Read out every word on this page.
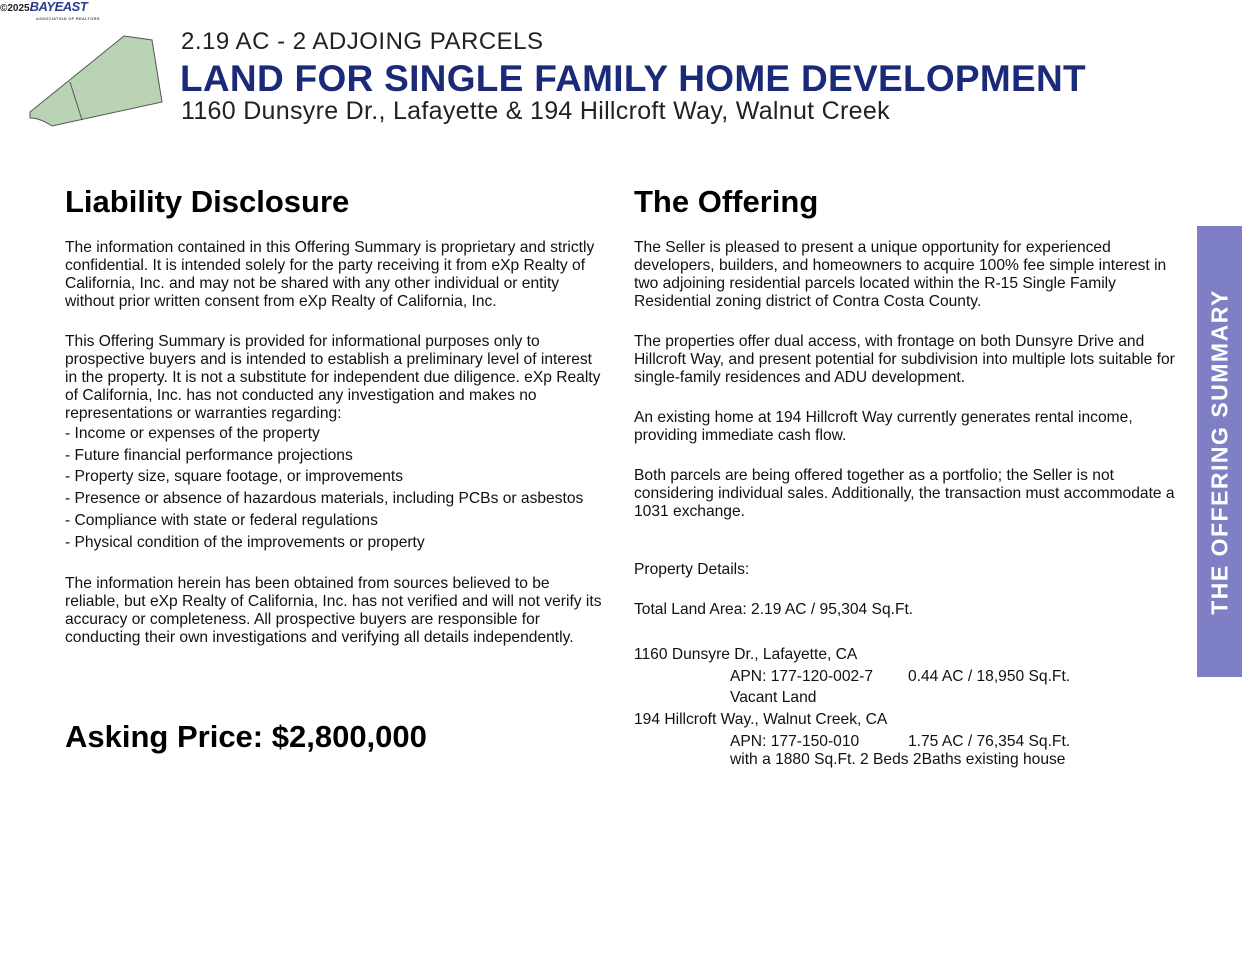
©2025BAYEAST
ASSOCIATION OF REALTORS
2.19 AC - 2 ADJOING PARCELS
LAND FOR SINGLE FAMILY HOME DEVELOPMENT
1160 Dunsyre Dr., Lafayette & 194 Hillcroft Way, Walnut Creek
Liability Disclosure

The information contained in this Offering Summary is proprietary and strictly confidential. It is intended solely for the party receiving it from eXp Realty of California, Inc. and may not be shared with any other individual or entity without prior written consent from eXp Realty of California, Inc.

This Offering Summary is provided for informational purposes only to prospective buyers and is intended to establish a preliminary level of interest in the property. It is not a substitute for independent due diligence. eXp Realty of California, Inc. has not conducted any investigation and makes no representations or warranties regarding:

- Income or expenses of the property
- Future financial performance projections
- Property size, square footage, or improvements
- Presence or absence of hazardous materials, including PCBs or asbestos
- Compliance with state or federal regulations
- Physical condition of the improvements or property

The information herein has been obtained from sources believed to be reliable, but eXp Realty of California, Inc. has not verified and will not verify its accuracy or completeness. All prospective buyers are responsible for conducting their own investigations and verifying all details independently.

Asking Price: $2,800,000
The Offering

The Seller is pleased to present a unique opportunity for experienced developers, builders, and homeowners to acquire 100% fee simple interest in two adjoining residential parcels located within the R-15 Single Family Residential zoning district of Contra Costa County.

The properties offer dual access, with frontage on both Dunsyre Drive and Hillcroft Way, and present potential for subdivision into multiple lots suitable for single-family residences and ADU development.

An existing home at 194 Hillcroft Way currently generates rental income, providing immediate cash flow.

Both parcels are being offered together as a portfolio; the Seller is not considering individual sales. Additionally, the transaction must accommodate a 1031 exchange.

Property Details:

Total Land Area: 2.19 AC / 95,304 Sq.Ft.

1160 Dunsyre Dr., Lafayette, CA
APN: 177-120-002-7 0.44 AC / 18,950 Sq.Ft.
Vacant Land
194 Hillcroft Way., Walnut Creek, CA
APN: 177-150-010	1.75 AC / 76,354 Sq.Ft.
with a 1880 Sq.Ft. 2 Beds 2Baths existing house
THE OFFERING SUMMARY
